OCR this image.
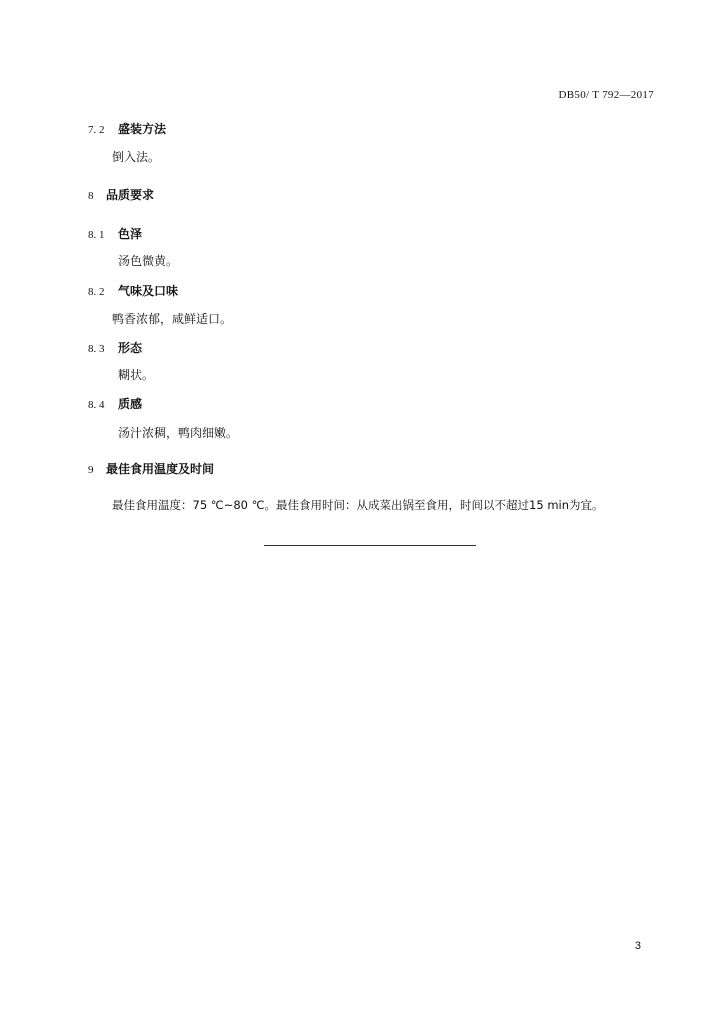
DB50/ T 792—2017
7. 2 盛装方法
倒入法。
8 品质要求
8. 1 色泽
汤色微黄。
8. 2 气味及口味
鸭香浓郁，咸鲜适口。
8. 3 形态
糊状。
8. 4 质感
汤汁浓稠，鸭肉细嫩。
9 最佳食用温度及时间
最佳食用温度：75 ℃~80 ℃。最佳食用时间：从成菜出锅至食用，时间以不超过15 min为宜。
3
